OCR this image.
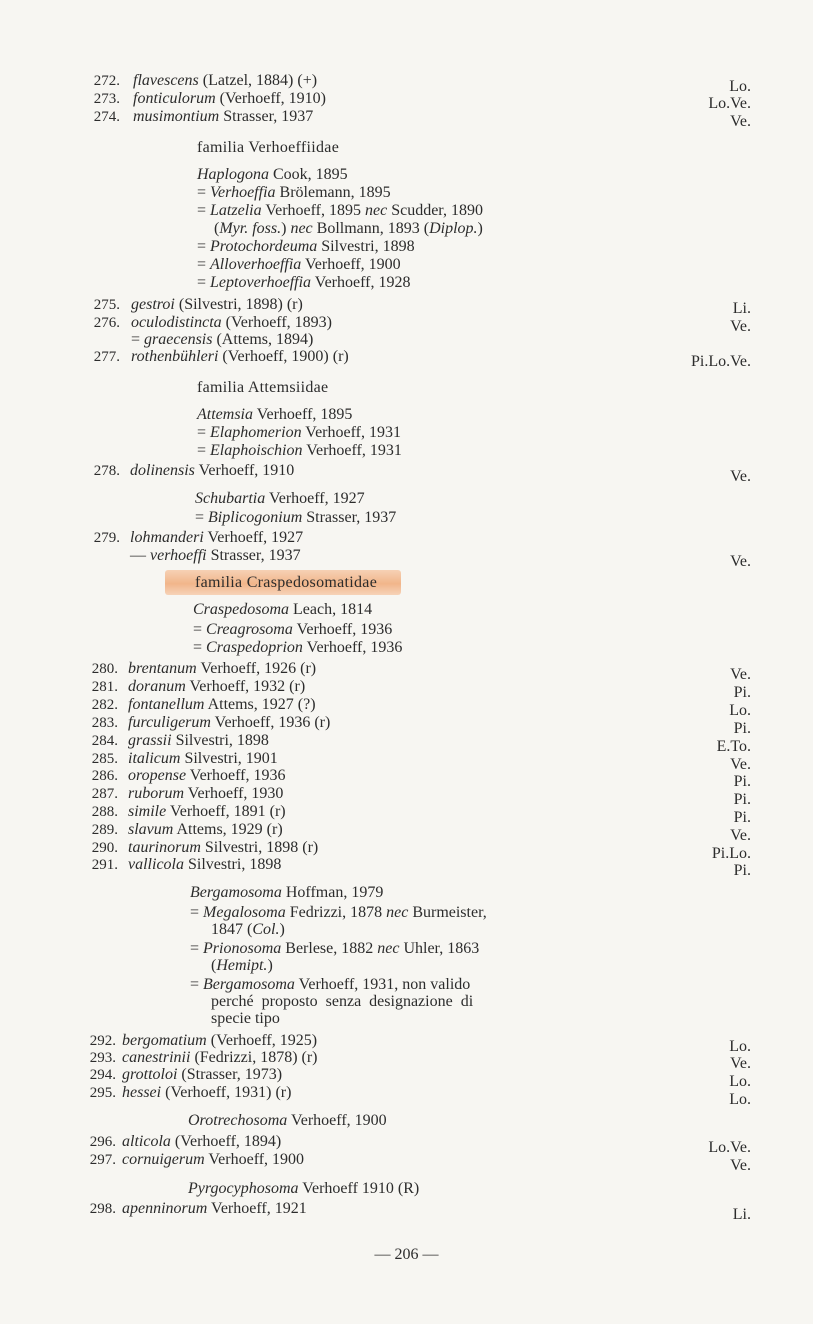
272. flavescens (Latzel, 1884) (+)	Lo.
273. fonticulorum (Verhoeff, 1910)	Lo.Ve.
274. musimontium Strasser, 1937	Ve.
familia Verhoeffiidae
Haplogona Cook, 1895
= Verhoeffia Brölemann, 1895
= Latzelia Verhoeff, 1895 nec Scudder, 1890
(Myr. foss.) nec Bollmann, 1893 (Diplop.)
= Protochordeuma Silvestri, 1898
= Alloverhoeffia Verhoeff, 1900
= Leptoverhoeffia Verhoeff, 1928
275. gestroi (Silvestri, 1898) (r)	Li.
276. oculodistincta (Verhoeff, 1893)	Ve.
= graecensis (Attems, 1894)
277. rothenbühleri (Verhoeff, 1900) (r)	Pi.Lo.Ve.
familia Attemsiidae
Attemsia Verhoeff, 1895
= Elaphomerion Verhoeff, 1931
= Elaphoischion Verhoeff, 1931
278. dolinensis Verhoeff, 1910	Ve.
Schubartia Verhoeff, 1927
= Biplicogonium Strasser, 1937
279. lohmanderi Verhoeff, 1927
— verhoeffi Strasser, 1937	Ve.
familia Craspedosomatidae
Craspedosoma Leach, 1814
= Creagrosoma Verhoeff, 1936
= Craspedoprion Verhoeff, 1936
280. brentanum Verhoeff, 1926 (r)	Ve.
281. doranum Verhoeff, 1932 (r)	Pi.
282. fontanellum Attems, 1927 (?)	Lo.
283. furculigerum Verhoeff, 1936 (r)	Pi.
284. grassii Silvestri, 1898	E.To.
285. italicum Silvestri, 1901	Ve.
286. oropense Verhoeff, 1936	Pi.
287. ruborum Verhoeff, 1930	Pi.
288. simile Verhoeff, 1891 (r)	Pi.
289. slavum Attems, 1929 (r)	Ve.
290. taurinorum Silvestri, 1898 (r)	Pi.Lo.
291. vallicola Silvestri, 1898	Pi.
Bergamosoma Hoffman, 1979
= Megalosoma Fedrizzi, 1878 nec Burmeister,
1847 (Col.)
= Prionosoma Berlese, 1882 nec Uhler, 1863
(Hemipt.)
= Bergamosoma Verhoeff, 1931, non valido
perché  proposto  senza  designazione  di
specie tipo
292. bergomatium (Verhoeff, 1925)	Lo.
293. canestrinii (Fedrizzi, 1878) (r)	Ve.
294. grottoloi (Strasser, 1973)	Lo.
295. hessei (Verhoeff, 1931) (r)	Lo.
Orotrechosoma Verhoeff, 1900
296. alticola (Verhoeff, 1894)	Lo.Ve.
297. cornuigerum Verhoeff, 1900	Ve.
Pyrgocyphosoma Verhoeff 1910 (R)
298. apenninorum Verhoeff, 1921	Li.
— 206 —
